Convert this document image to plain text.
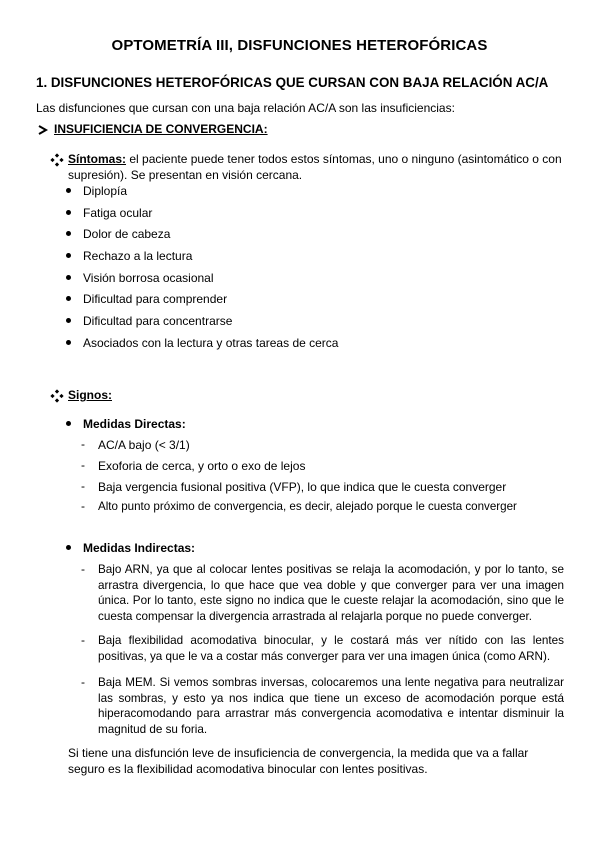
OPTOMETRÍA III, DISFUNCIONES HETEROFÓRICAS
1. DISFUNCIONES HETEROFÓRICAS QUE CURSAN CON BAJA RELACIÓN AC/A
Las disfunciones que cursan con una baja relación AC/A son las insuficiencias:
INSUFICIENCIA DE CONVERGENCIA:
Síntomas: el paciente puede tener todos estos síntomas, uno o ninguno (asintomático o con supresión). Se presentan en visión cercana.
Diplopía
Fatiga ocular
Dolor de cabeza
Rechazo a la lectura
Visión borrosa ocasional
Dificultad para comprender
Dificultad para concentrarse
Asociados con la lectura y otras tareas de cerca
Signos:
Medidas Directas:
- AC/A bajo (< 3/1)
- Exoforia de cerca, y orto o exo de lejos
- Baja vergencia fusional positiva (VFP), lo que indica que le cuesta converger
- Alto punto próximo de convergencia, es decir, alejado porque le cuesta converger
Medidas Indirectas:
- Bajo ARN, ya que al colocar lentes positivas se relaja la acomodación, y por lo tanto, se arrastra divergencia, lo que hace que vea doble y que converger para ver una imagen única. Por lo tanto, este signo no indica que le cueste relajar la acomodación, sino que le cuesta compensar la divergencia arrastrada al relajarla porque no puede converger.
- Baja flexibilidad acomodativa binocular, y le costará más ver nítido con las lentes positivas, ya que le va a costar más converger para ver una imagen única (como ARN).
- Baja MEM. Si vemos sombras inversas, colocaremos una lente negativa para neutralizar las sombras, y esto ya nos indica que tiene un exceso de acomodación porque está hiperacomodando para arrastrar más convergencia acomodativa e intentar disminuir la magnitud de su foria.
Si tiene una disfunción leve de insuficiencia de convergencia, la medida que va a fallar seguro es la flexibilidad acomodativa binocular con lentes positivas.
